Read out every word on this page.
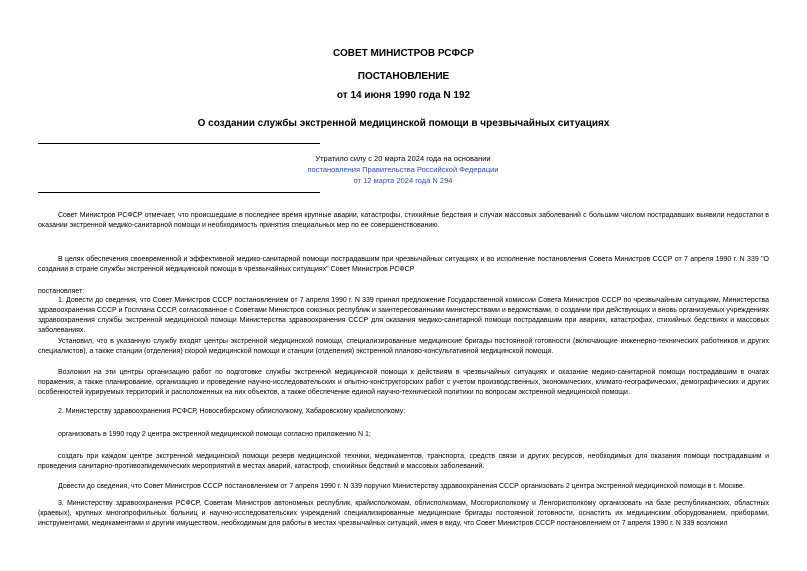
СОВЕТ МИНИСТРОВ РСФСР
ПОСТАНОВЛЕНИЕ
от 14 июня 1990 года N 192
О создании службы экстренной медицинской помощи в чрезвычайных ситуациях
Утратило силу с 20 марта 2024 года на основании
постановления Правительства Российской Федерации
от 12 марта 2024 года N 294
Совет Министров РСФСР отмечает, что происшедшие в последнее время крупные аварии, катастрофы, стихийные бедствия и случаи массовых заболеваний с большим числом пострадавших выявили недостатки в оказании экстренной медико-санитарной помощи и необходимость принятия специальных мер по ее совершенствованию.
В целях обеспечения своевременной и эффективной медико-санитарной помощи пострадавшим при чрезвычайных ситуациях и во исполнение постановления Совета Министров СССР от 7 апреля 1990 г. N 339 "О создании в стране службы экстренной медицинской помощи в чрезвычайных ситуациях" Совет Министров РСФСР
постановляет:
1. Довести до сведения, что Совет Министров СССР постановлением от 7 апреля 1990 г. N 339 принял предложение Государственной комиссии Совета Министров СССР по чрезвычайным ситуациям, Министерства здравоохранения СССР и Госплана СССР, согласованное с Советами Министров союзных республик и заинтересованными министерствами и ведомствами, о создании при действующих и вновь организуемых учреждениях здравоохранения службы экстренной медицинской помощи Министерства здравоохранения СССР для оказания медико-санитарной помощи пострадавшим при авариях, катастрофах, стихийных бедствиях и массовых заболеваниях.
Установил, что в указанную службу входят центры экстренной медицинской помощи, специализированные медицинские бригады постоянной готовности (включающие инженерно-технических работников и других специалистов), а также станции (отделения) скорой медицинской помощи и станции (отделения) экстренной планово-консультативной медицинской помощи.
Возложил на эти центры организацию работ по подготовке службы экстренной медицинской помощи к действиям в чрезвычайных ситуациях и оказание медико-санитарной помощи пострадавшим в очагах поражения, а также планирование, организацию и проведение научно-исследовательских и опытно-конструкторских работ с учетом производственных, экономических, климато-географических, демографических и других особенностей курируемых территорий и расположенных на них объектов, а также обеспечение единой научно-технической политики по вопросам экстренной медицинской помощи.
2. Министерству здравоохранения РСФСР, Новосибирскому облисполкому, Хабаровскому крайисполкому:
организовать в 1990 году 2 центра экстренной медицинской помощи согласно приложению N 1;
создать при каждом центре экстренной медицинской помощи резерв медицинской техники, медикаментов, транспорта, средств связи и других ресурсов, необходимых для оказания помощи пострадавшим и проведения санитарно-противоэпидемических мероприятий в местах аварий, катастроф, стихийных бедствий и массовых заболеваний.
Довести до сведения, что Совет Министров СССР постановлением от 7 апреля 1990 г. N 339 поручил Министерству здравоохранения СССР организовать 2 центра экстренной медицинской помощи в г. Москве.
3. Министерству здравоохранения РСФСР, Советам Министров автономных республик, крайисполкомам, облисполкомам, Мосгорисполкому и Ленгорисполкому организовать на базе республиканских, областных (краевых), крупных многопрофильных больниц и научно-исследовательских учреждений специализированные медицинские бригады постоянной готовности, оснастить их медицинским оборудованием, приборами, инструментами, медикаментами и другим имуществом, необходимым для работы в местах чрезвычайных ситуаций, имея в виду, что Совет Министров СССР постановлением от 7 апреля 1990 г. N 339 возложил
